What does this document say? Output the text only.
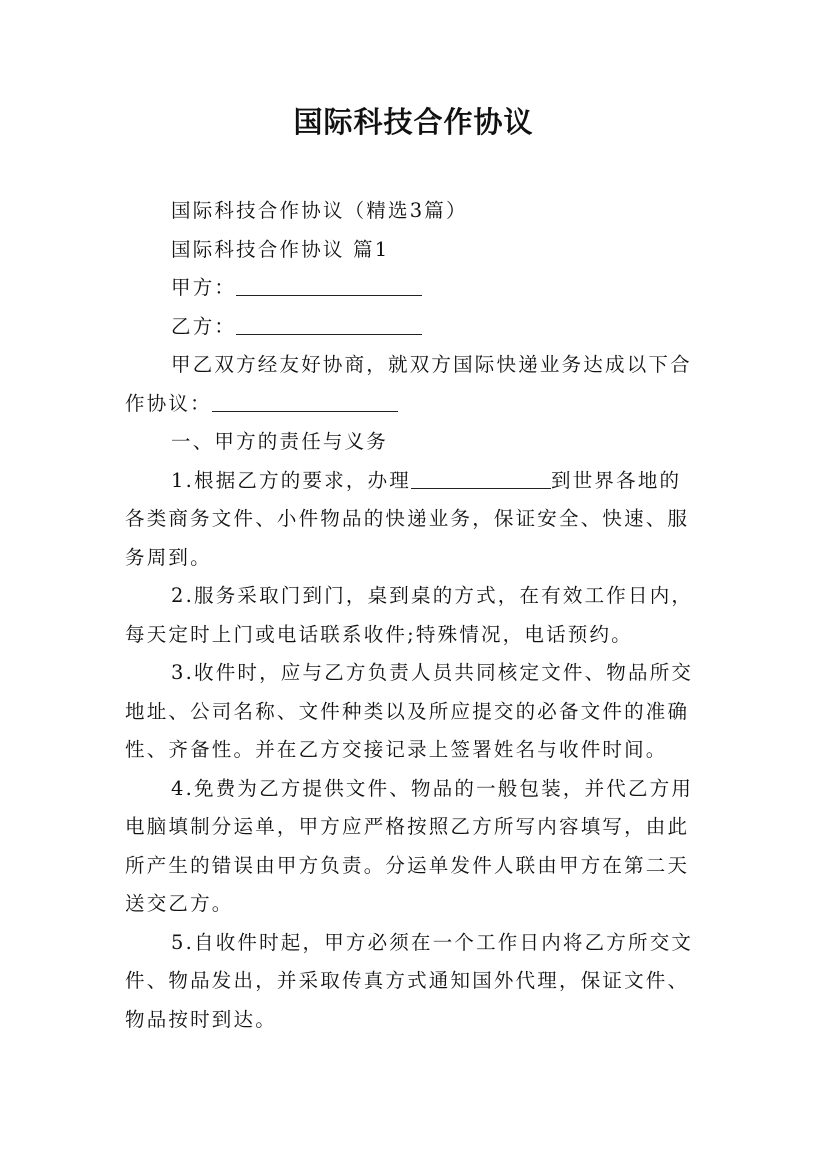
国际科技合作协议
国际科技合作协议（精选3篇）
国际科技合作协议 篇1
甲方：
乙方：
甲乙双方经友好协商，就双方国际快递业务达成以下合
作协议：
一、甲方的责任与义务
1.根据乙方的要求，办理	到世界各地的
各类商务文件、小件物品的快递业务，保证安全、快速、服
务周到。
2.服务采取门到门，桌到桌的方式，在有效工作日内，
每天定时上门或电话联系收件;特殊情况，电话预约。
3.收件时，应与乙方负责人员共同核定文件、物品所交
地址、公司名称、文件种类以及所应提交的必备文件的准确
性、齐备性。并在乙方交接记录上签署姓名与收件时间。
4.免费为乙方提供文件、物品的一般包装，并代乙方用
电脑填制分运单，甲方应严格按照乙方所写内容填写，由此
所产生的错误由甲方负责。分运单发件人联由甲方在第二天
送交乙方。
5.自收件时起，甲方必须在一个工作日内将乙方所交文
件、物品发出，并采取传真方式通知国外代理，保证文件、
物品按时到达。
